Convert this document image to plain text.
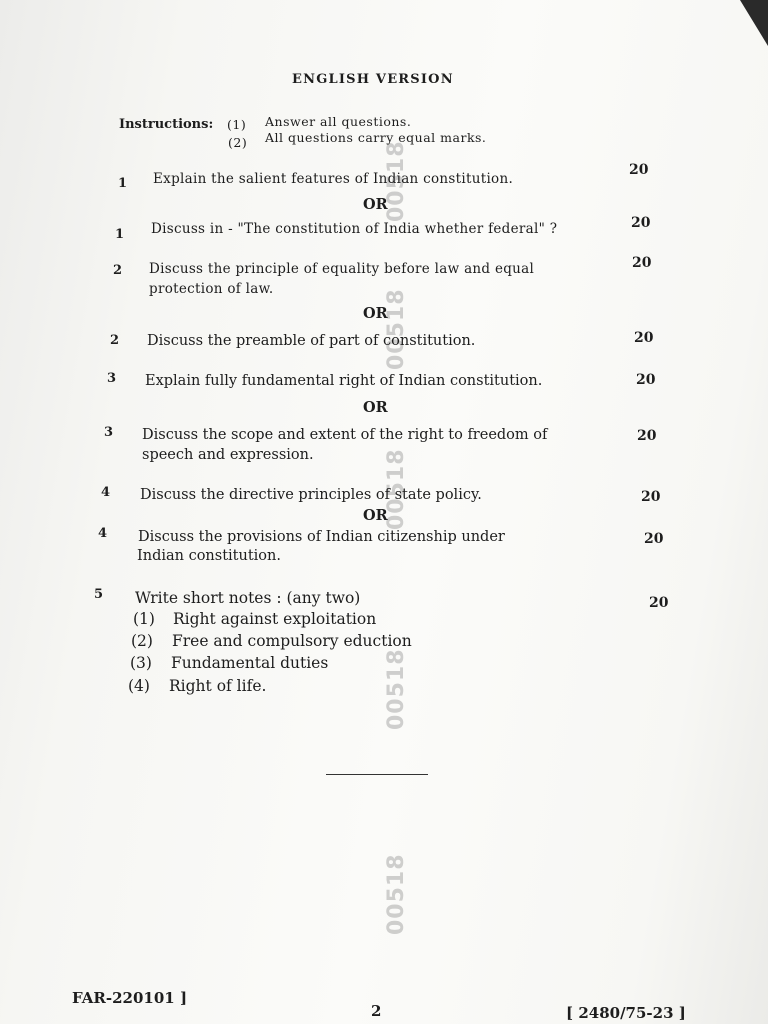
00518
00518
00518
00518
00518
ENGLISH VERSION
Instructions: (1) Answer all questions.
(2) All questions carry equal marks.
1 Explain the salient features of Indian constitution.
20
OR
1 Discuss in - "The constitution of India whether federal" ?	20
2 Discuss the principle of equality before law and equal
protection of law.
20
OR
2 Discuss the preamble of part of constitution.	20
3 Explain fully fundamental right of Indian constitution.	20
OR
3 Discuss the scope and extent of the right to freedom of
speech and expression.
20
4 Discuss the directive principles of state policy.	20
OR
4 Discuss the provisions of Indian citizenship under
Indian constitution.
20
5 Write short notes : (any two)	20
(1) Right against exploitation
(2) Free and compulsory eduction
(3) Fundamental duties
(4) Right of life.
FAR-220101 ]
2	[ 2480/75-23 ]
